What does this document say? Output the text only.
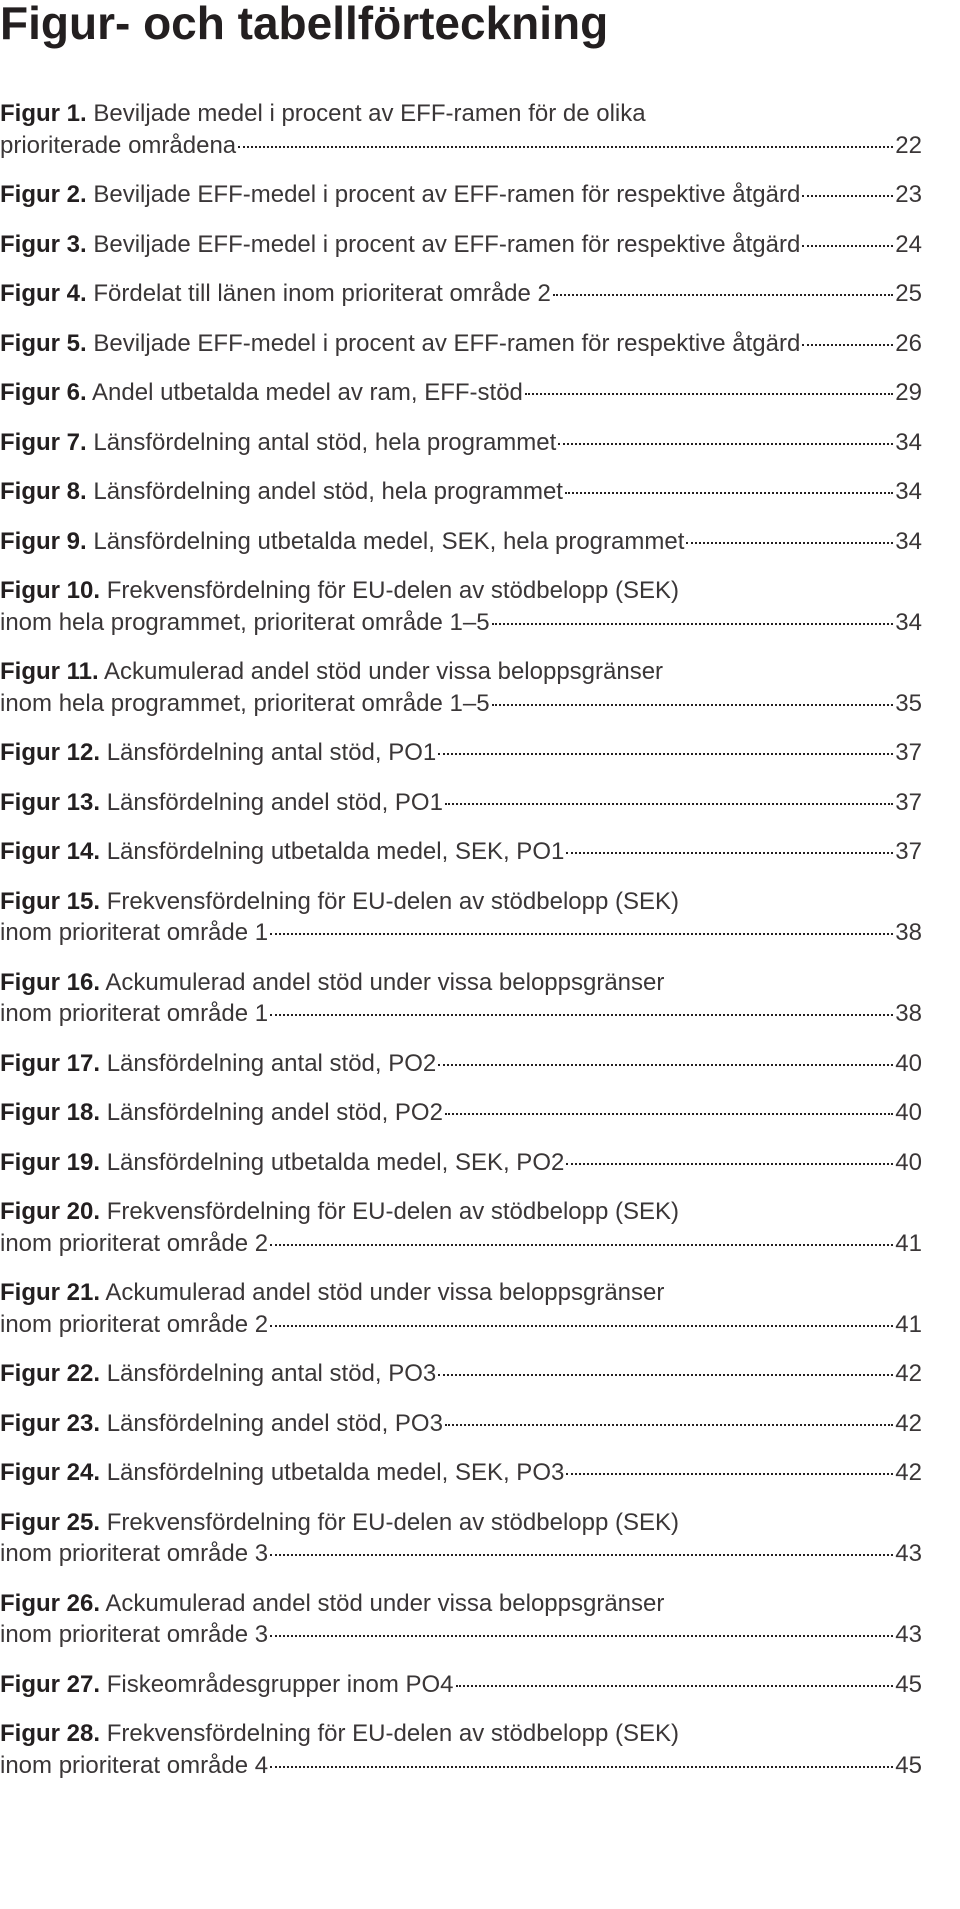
Figur- och tabellförteckning
Figur 1. Beviljade medel i procent av EFF-ramen för de olika
prioriterade områdena	22
Figur 2. Beviljade EFF-medel i procent av EFF-ramen för respektive åtgärd	23
Figur 3. Beviljade EFF-medel i procent av EFF-ramen för respektive åtgärd	24
Figur 4. Fördelat till länen inom prioriterat område 2	25
Figur 5. Beviljade EFF-medel i procent av EFF-ramen för respektive åtgärd	26
Figur 6. Andel utbetalda medel av ram, EFF-stöd	29
Figur 7. Länsfördelning antal stöd, hela programmet	34
Figur 8. Länsfördelning andel stöd, hela programmet	34
Figur 9. Länsfördelning utbetalda medel, SEK, hela programmet	34
Figur 10. Frekvensfördelning för EU-delen av stödbelopp (SEK)
inom hela programmet, prioriterat område 1–5	34
Figur 11. Ackumulerad andel stöd under vissa beloppsgränser
inom hela programmet, prioriterat område 1–5	35
Figur 12. Länsfördelning antal stöd, PO1	37
Figur 13. Länsfördelning andel stöd, PO1	37
Figur 14. Länsfördelning utbetalda medel, SEK, PO1	37
Figur 15. Frekvensfördelning för EU-delen av stödbelopp (SEK)
inom prioriterat område 1	38
Figur 16. Ackumulerad andel stöd under vissa beloppsgränser
inom prioriterat område 1	38
Figur 17. Länsfördelning antal stöd, PO2	40
Figur 18. Länsfördelning andel stöd, PO2	40
Figur 19. Länsfördelning utbetalda medel, SEK, PO2	40
Figur 20. Frekvensfördelning för EU-delen av stödbelopp (SEK)
inom prioriterat område 2	41
Figur 21. Ackumulerad andel stöd under vissa beloppsgränser
inom prioriterat område 2	41
Figur 22. Länsfördelning antal stöd, PO3	42
Figur 23. Länsfördelning andel stöd, PO3	42
Figur 24. Länsfördelning utbetalda medel, SEK, PO3	42
Figur 25. Frekvensfördelning för EU-delen av stödbelopp (SEK)
inom prioriterat område 3	43
Figur 26. Ackumulerad andel stöd under vissa beloppsgränser
inom prioriterat område 3	43
Figur 27. Fiskeområdesgrupper inom PO4	45
Figur 28. Frekvensfördelning för EU-delen av stödbelopp (SEK)
inom prioriterat område 4	45
